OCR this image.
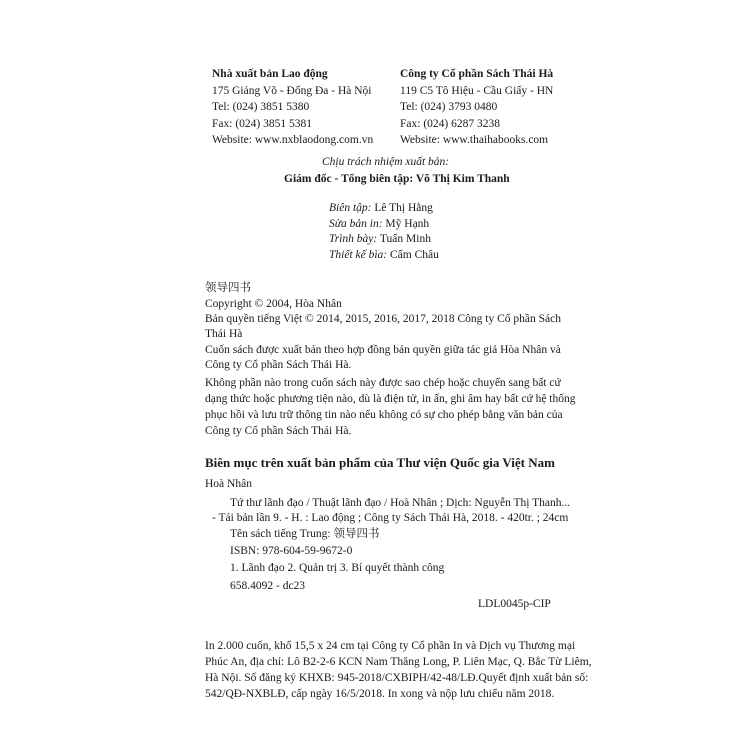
Nhà xuất bản Lao động
175 Giảng Võ - Đống Đa - Hà Nội
Tel: (024) 3851 5380
Fax: (024) 3851 5381
Website: www.nxblaodong.com.vn
Công ty Cổ phần Sách Thái Hà
119 C5 Tô Hiệu - Cầu Giấy - HN
Tel: (024) 3793 0480
Fax: (024) 6287 3238
Website: www.thaihabooks.com
Chịu trách nhiệm xuất bản:
Giám đốc - Tổng biên tập: Võ Thị Kim Thanh
Biên tập: Lê Thị Hằng
Sửa bản in: Mỹ Hạnh
Trình bày: Tuấn Minh
Thiết kế bìa: Cẩm Châu
领导四书
Copyright © 2004, Hòa Nhân
Bản quyền tiếng Việt © 2014, 2015, 2016, 2017, 2018 Công ty Cổ phần Sách
Thái Hà
Cuốn sách được xuất bản theo hợp đồng bản quyền giữa tác giả Hòa Nhân và
Công ty Cổ phần Sách Thái Hà.
Không phần nào trong cuốn sách này được sao chép hoặc chuyển sang bất cứ
dạng thức hoặc phương tiện nào, dù là điện tử, in ấn, ghi âm hay bất cứ hệ thống
phục hồi và lưu trữ thông tin nào nếu không có sự cho phép bằng văn bản của
Công ty Cổ phần Sách Thái Hà.
Biên mục trên xuất bản phẩm của Thư viện Quốc gia Việt Nam
Hoà Nhân
Tứ thư lãnh đạo / Thuật lãnh đạo / Hoà Nhân ; Dịch: Nguyễn Thị Thanh...
- Tái bản lần 9. - H. : Lao động ; Công ty Sách Thái Hà, 2018. - 420tr. ; 24cm
Tên sách tiếng Trung: 领导四书
ISBN: 978-604-59-9672-0
1. Lãnh đạo 2. Quản trị 3. Bí quyết thành công
658.4092 - dc23
LDL0045p-CIP
In 2.000 cuốn, khổ 15,5 x 24 cm tại Công ty Cổ phần In và Dịch vụ Thương mại
Phúc An, địa chỉ: Lô B2-2-6 KCN Nam Thăng Long, P. Liên Mạc, Q. Bắc Từ Liêm,
Hà Nội. Số đăng ký KHXB: 945-2018/CXBIPH/42-48/LĐ.Quyết định xuất bản số:
542/QĐ-NXBLĐ, cấp ngày 16/5/2018. In xong và nộp lưu chiểu năm 2018.
